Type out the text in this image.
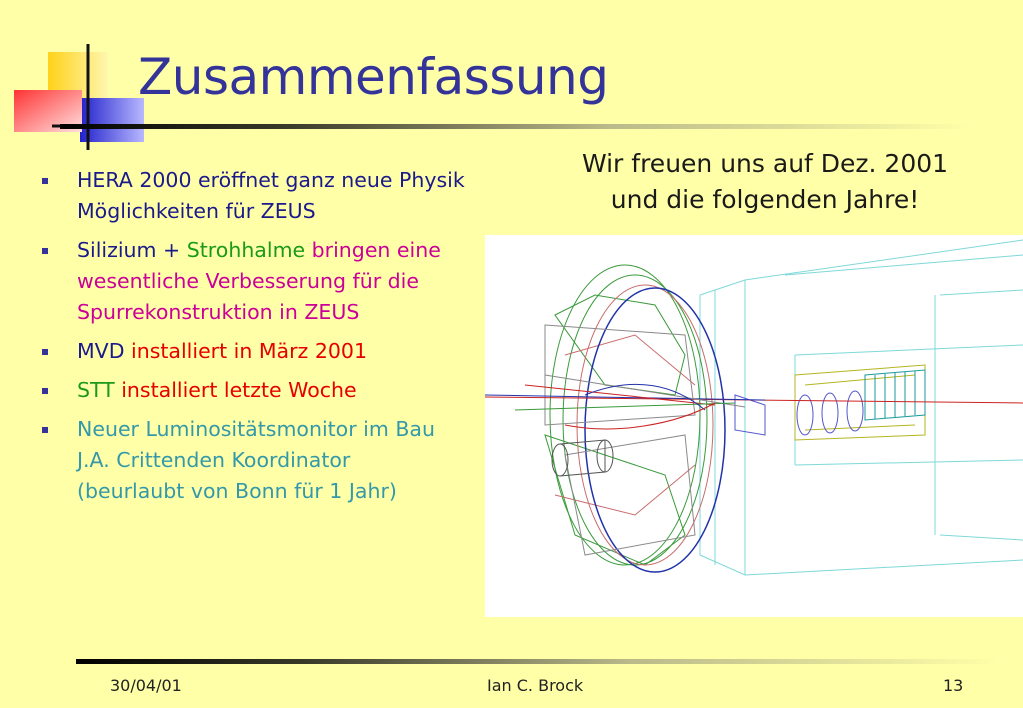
Zusammenfassung
HERA 2000 eröffnet ganz neue Physik Möglichkeiten für ZEUS
Silizium + Strohhalme bringen eine wesentliche Verbesserung für die Spurrekonstruktion in ZEUS
MVD installiert in März 2001
STT installiert letzte Woche
Neuer Luminositätsmonitor im Bau
J.A. Crittenden Koordinator
(beurlaubt von Bonn für 1 Jahr)
Wir freuen uns auf Dez. 2001
und die folgenden Jahre!
30/04/01	Ian C. Brock	13
